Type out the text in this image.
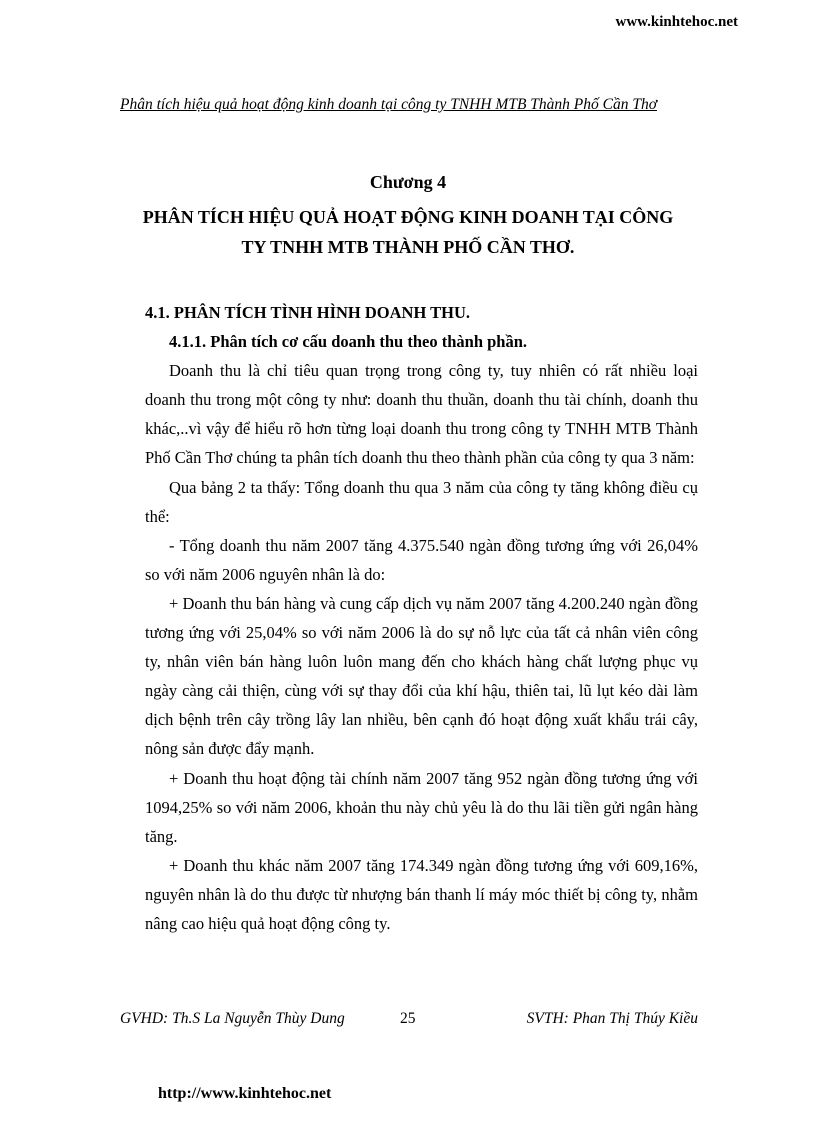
www.kinhtehoc.net
Phân tích hiệu quả hoạt động kinh doanh tại công ty TNHH MTB Thành Phố Cần Thơ
Chương 4
PHÂN TÍCH HIỆU QUẢ HOẠT ĐỘNG KINH DOANH TẠI CÔNG
TY TNHH MTB THÀNH PHỐ CẦN THƠ.
4.1. PHÂN TÍCH TÌNH HÌNH DOANH THU.
4.1.1. Phân tích cơ cấu doanh thu theo thành phần.

Doanh thu là chỉ tiêu quan trọng trong công ty, tuy nhiên có rất nhiều loại doanh thu trong một công ty như: doanh thu thuần, doanh thu tài chính, doanh thu khác,..vì vậy để hiểu rõ hơn từng loại doanh thu trong công ty TNHH MTB Thành Phố Cần Thơ chúng ta phân tích doanh thu theo thành phần của công ty qua 3 năm:

Qua bảng 2 ta thấy: Tổng doanh thu qua 3 năm của công ty tăng không điều cụ thể:

- Tổng doanh thu năm 2007 tăng 4.375.540 ngàn đồng tương ứng với 26,04% so với năm 2006 nguyên nhân là do:

+ Doanh thu bán hàng và cung cấp dịch vụ năm 2007 tăng 4.200.240 ngàn đồng tương ứng với 25,04% so với năm 2006 là do sự nỗ lực của tất cả nhân viên công ty, nhân viên bán hàng luôn luôn mang đến cho khách hàng chất lượng phục vụ ngày càng cải thiện, cùng với sự thay đổi của khí hậu, thiên tai, lũ lụt kéo dài làm dịch bệnh trên cây trồng lây lan nhiều, bên cạnh đó hoạt động xuất khẩu trái cây, nông sản được đẩy mạnh.

+ Doanh thu hoạt động tài chính năm 2007 tăng 952 ngàn đồng tương ứng với 1094,25% so với năm 2006, khoản thu này chủ yêu là do thu lãi tiền gửi ngân hàng tăng.

+ Doanh thu khác năm 2007 tăng 174.349 ngàn đồng tương ứng với 609,16%, nguyên nhân là do thu được từ nhượng bán thanh lí máy móc thiết bị công ty, nhằm nâng cao hiệu quả hoạt động công ty.

GVHD: Th.S La Nguyễn Thùy Dung	25	SVTH: Phan Thị Thúy Kiều
http://www.kinhtehoc.net
